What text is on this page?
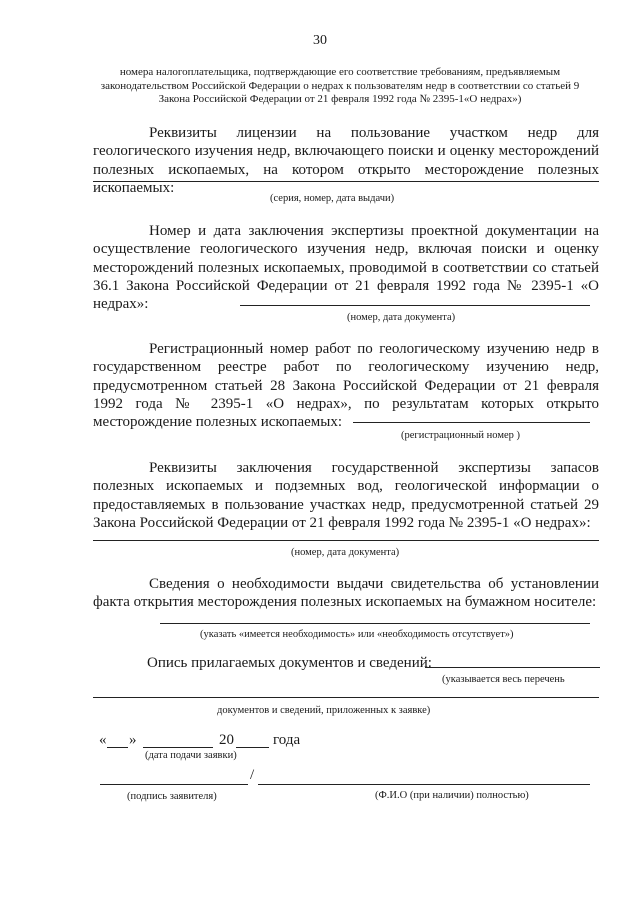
30
номера налогоплательщика, подтверждающие его соответствие требованиям, предъявляемым законодательством Российской Федерации о недрах к пользователям недр в соответствии со статьей 9 Закона Российской Федерации от 21 февраля 1992 года № 2395-1«О недрах»)
Реквизиты лицензии на пользование участком недр для геологического изучения недр, включающего поиски и оценку месторождений полезных ископаемых, на котором открыто месторождение полезных ископаемых:
(серия, номер, дата выдачи)
Номер и дата заключения экспертизы проектной документации на осуществление геологического изучения недр, включая поиски и оценку месторождений полезных ископаемых, проводимой в соответствии со статьей 36.1 Закона Российской Федерации от 21 февраля 1992 года № 2395-1 «О недрах»:
(номер, дата документа)
Регистрационный номер работ по геологическому изучению недр в государственном реестре работ по геологическому изучению недр, предусмотренном статьей 28 Закона Российской Федерации от 21 февраля 1992 года № 2395-1 «О недрах», по результатам которых открыто месторождение полезных ископаемых:
(регистрационный номер )
Реквизиты заключения государственной экспертизы запасов полезных ископаемых и подземных вод, геологической информации о предоставляемых в пользование участках недр, предусмотренной статьей 29 Закона Российской Федерации от 21 февраля 1992 года № 2395-1 «О недрах»:
(номер, дата документа)
Сведения о необходимости выдачи свидетельства об установлении факта открытия месторождения полезных ископаемых на бумажном носителе:
(указать «имеется необходимость» или «необходимость отсутствует»)
Опись прилагаемых документов и сведений:
(указывается весь перечень
документов и сведений, приложенных к заявке)
« »	20	года
(дата подачи заявки)
/
(подпись заявителя)	(Ф.И.О (при наличии) полностью)
